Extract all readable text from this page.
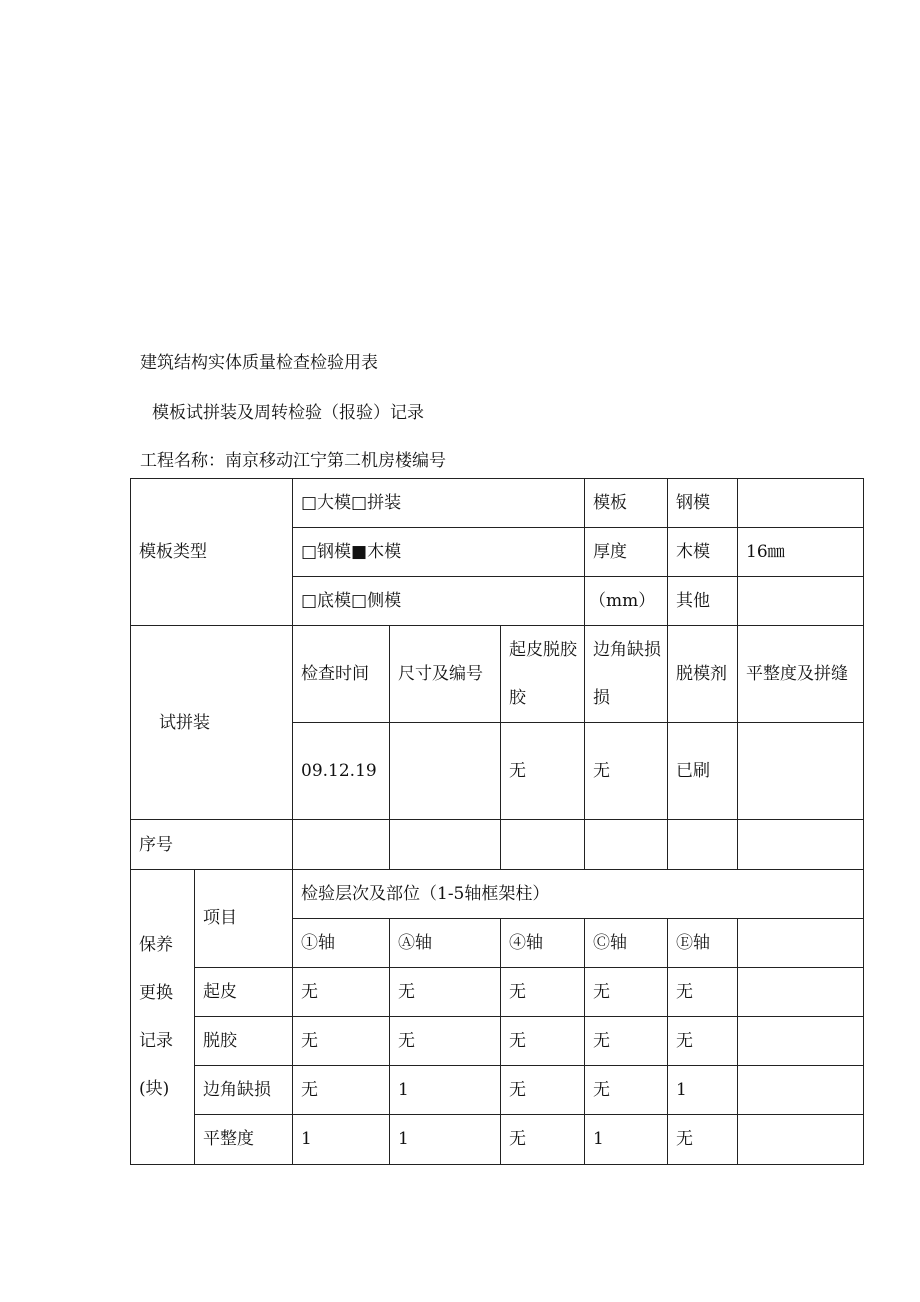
建筑结构实体质量检查检验用表
模板试拼装及周转检验（报验）记录
工程名称：南京移动江宁第二机房楼编号
模板类型		□大模□拼装			模板	钢模	
		□钢模■木模			厚度	木模	16㎜
		□底模□侧模			（mm）	其他	
试拼装		检查时间	尺寸及编号	起皮脱胶胶	边角缺损损	脱模剂	平整度及拼缝
		09.12.19		无	无	已刷	
序号							

保养
更换
记录
(块)	项目	检验层次及部位（1-5轴框架柱）					
		①轴	Ⓐ轴	④轴	Ⓒ轴	Ⓔ轴	
	起皮	无	无	无	无	无	
	脱胶	无	无	无	无	无	
	边角缺损	无	1	无	无	1	
	平整度	1	1	无	1	无	
